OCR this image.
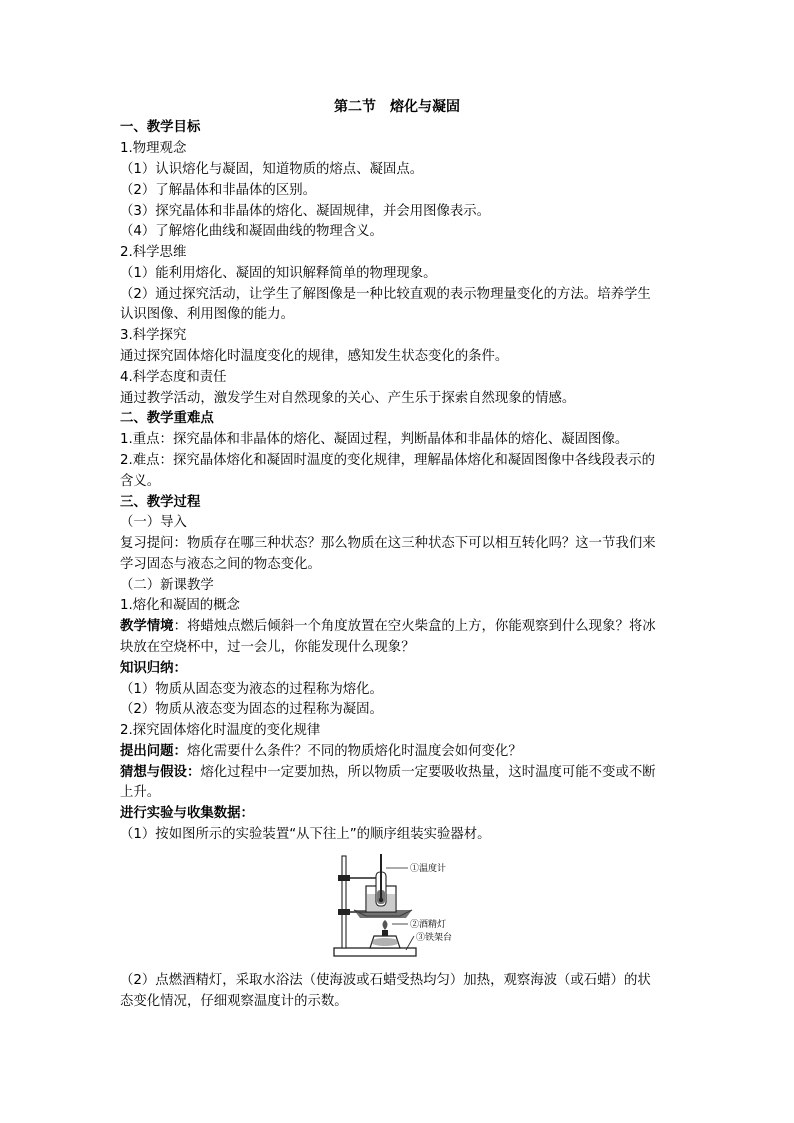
第二节　熔化与凝固
一、教学目标
1.物理观念
（1）认识熔化与凝固，知道物质的熔点、凝固点。
（2）了解晶体和非晶体的区别。
（3）探究晶体和非晶体的熔化、凝固规律，并会用图像表示。
（4）了解熔化曲线和凝固曲线的物理含义。
2.科学思维
（1）能利用熔化、凝固的知识解释简单的物理现象。
（2）通过探究活动，让学生了解图像是一种比较直观的表示物理量变化的方法。培养学生
认识图像、利用图像的能力。
3.科学探究
通过探究固体熔化时温度变化的规律，感知发生状态变化的条件。
4.科学态度和责任
通过教学活动，激发学生对自然现象的关心、产生乐于探索自然现象的情感。
二、教学重难点
1.重点：探究晶体和非晶体的熔化、凝固过程，判断晶体和非晶体的熔化、凝固图像。
2.难点：探究晶体熔化和凝固时温度的变化规律，理解晶体熔化和凝固图像中各线段表示的
含义。
三、教学过程
（一）导入
复习提问：物质存在哪三种状态？那么物质在这三种状态下可以相互转化吗？这一节我们来
学习固态与液态之间的物态变化。
（二）新课教学
1.熔化和凝固的概念
教学情境：将蜡烛点燃后倾斜一个角度放置在空火柴盒的上方，你能观察到什么现象？将冰
块放在空烧杯中，过一会儿，你能发现什么现象？
知识归纳：
（1）物质从固态变为液态的过程称为熔化。
（2）物质从液态变为固态的过程称为凝固。
2.探究固体熔化时温度的变化规律
提出问题：熔化需要什么条件？不同的物质熔化时温度会如何变化？
猜想与假设：熔化过程中一定要加热，所以物质一定要吸收热量，这时温度可能不变或不断
上升。
进行实验与收集数据：
（1）按如图所示的实验装置“从下往上”的顺序组装实验器材。
①温度计
②酒精灯
③铁架台
（2）点燃酒精灯，采取水浴法（使海波或石蜡受热均匀）加热，观察海波（或石蜡）的状
态变化情况，仔细观察温度计的示数。
